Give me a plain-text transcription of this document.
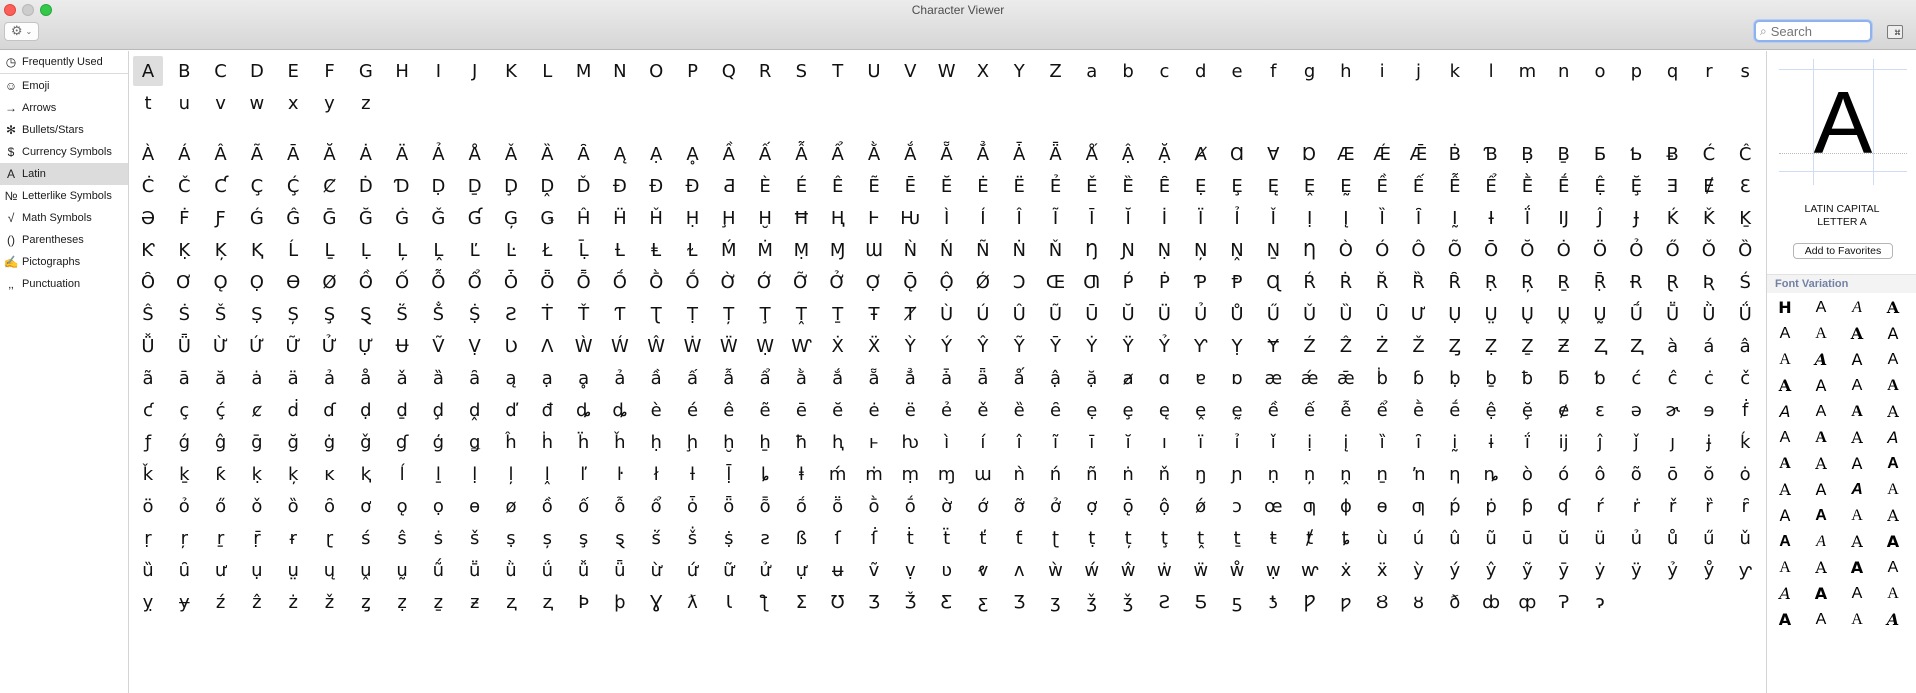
Character Viewer
⚙ ⌄	⌕
Search	⌘
◷ Frequently Used
☺ Emoji
→ Arrows
✻ Bullets/Stars
$ Currency Symbols
A Latin
№ Letterlike Symbols
√ Math Symbols
() Parentheses
✍ Pictographs
‚‚ Punctuation
A	B	C	D	E	F	G	H	I	J	K	L	M	N	O	P	Q	R	S	T	U	V	W	X	Y	Z	a	b	c	d	e	f	g	h	i	j	k	l	m	n	o	p	q	r	s
t	u	v	w	x	y	z
À	Á	Â	Ã	Ā	Ă	Ȧ	Ä	Ả	Å	Ǎ	Ȁ	Ȃ	Ą	Ạ	Ḁ	Ầ	Ấ	Ẫ	Ẩ	Ằ	Ắ	Ẵ	Ẳ	Ǡ	Ǟ	Ǻ	Ậ	Ặ	Ⱥ	Ɑ	Ɐ	Ɒ	Æ	Ǽ	Ǣ	Ḃ	Ɓ	Ḅ	Ḇ	Ƃ	Ƅ	Ƀ	Ć	Ĉ
Ċ	Č	Ƈ	Ç	Ḉ	Ȼ	Ḋ	Ɗ	Ḍ	Ḏ	Ḑ	Ḓ	Ď	Đ	Ɖ	Ð	Ƌ	È	É	Ê	Ẽ	Ē	Ĕ	Ė	Ë	Ẻ	Ě	Ȅ	Ȇ	Ẹ	Ȩ	Ę	Ḙ	Ḛ	Ề	Ế	Ễ	Ể	Ḕ	Ḗ	Ệ	Ḝ	Ǝ	Ɇ	Ɛ
Ə	Ḟ	Ƒ	Ǵ	Ĝ	Ḡ	Ğ	Ġ	Ǧ	Ɠ	Ģ	Ǥ	Ĥ	Ḧ	Ȟ	Ḥ	Ḩ	Ḫ	Ħ	Ⱨ	Ⱶ	Ƕ	Ì	Í	Î	Ĩ	Ī	Ĭ	İ	Ï	Ỉ	Ǐ	Ị	Į	Ȉ	Ȋ	Ḭ	Ɨ	Ḯ	Ĳ	Ĵ	Ɉ	Ḱ	Ǩ	Ḵ
Ƙ	Ḳ	Ķ	Ⱪ	Ĺ	Ḻ	Ḷ	Ļ	Ḽ	Ľ	Ŀ	Ł	Ḹ	Ƚ	Ⱡ	Ɫ	Ḿ	Ṁ	Ṃ	Ɱ	Ɯ	Ǹ	Ń	Ñ	Ṅ	Ň	Ŋ	Ɲ	Ṇ	Ņ	Ṋ	Ṉ	Ƞ	Ò	Ó	Ô	Õ	Ō	Ŏ	Ȯ	Ö	Ỏ	Ő	Ǒ	Ȍ
Ȏ	Ơ	Ǫ	Ọ	Ɵ	Ø	Ồ	Ố	Ỗ	Ổ	Ȱ	Ȫ	Ȭ	Ṍ	Ṑ	Ṓ	Ờ	Ớ	Ỡ	Ở	Ợ	Ǭ	Ộ	Ǿ	Ɔ	Œ	Ƣ	Ṕ	Ṗ	Ƥ	Ᵽ	Ɋ	Ŕ	Ṙ	Ř	Ȑ	Ȓ	Ṛ	Ŗ	Ṟ	Ṝ	Ɍ	Ɽ	Ʀ	Ś
Ŝ	Ṡ	Š	Ṣ	Ș	Ş	Ȿ	Ṥ	Ṧ	Ṩ	Ƨ	Ṫ	Ť	Ƭ	Ʈ	Ṭ	Ț	Ţ	Ṱ	Ṯ	Ŧ	Ⱦ	Ù	Ú	Û	Ũ	Ū	Ŭ	Ü	Ủ	Ů	Ű	Ǔ	Ȕ	Ȗ	Ư	Ụ	Ṳ	Ų	Ṷ	Ṵ	Ṹ	Ṻ	Ǜ	Ǘ
Ǚ	Ǖ	Ừ	Ứ	Ữ	Ử	Ự	Ʉ	Ṽ	Ṿ	Ʋ	Ʌ	Ẁ	Ẃ	Ŵ	Ẇ	Ẅ	Ẉ Ⱳ	Ẋ	Ẍ	Ỳ	Ý	Ŷ	Ỹ	Ȳ	Ẏ	Ÿ	Ỷ	Ƴ	Ỵ	Ɏ	Ź	Ẑ	Ż	Ž	Ȥ	Ẓ	Ẕ	Ƶ	Ⱬ	Ⱬ	à	á	â
ã	ā	ă	ȧ	ä	ả	å	ǎ	ȁ	ȃ	ą	ạ	ḁ	ả	ầ	ấ	ẫ	ẩ	ằ	ắ	ẵ	ẳ	ǡ	ǟ	ǻ	ậ	ặ	ⱥ	ɑ	ɐ	ɒ	æ	ǽ	ǣ	ḃ	ɓ	ḅ	ḇ	ƀ	ƃ	ƅ	ć	ĉ	ċ	č
ƈ	ç	ḉ	ȼ	ḋ	ɗ	ḍ	ḏ	ḑ	ḓ	ď	đ	ȡ	ȡ	è	é	ê	ẽ	ē	ĕ	ė	ë	ẻ	ě	ȅ	ȇ	ẹ	ȩ	ę	ḙ	ḛ	ề	ế	ễ	ể	ḕ	ḗ	ệ	ḝ	ɇ	ɛ	ə	ɚ	ɘ	ḟ
ƒ	ǵ	ĝ	ḡ	ğ	ġ	ǧ	ɠ	ģ	ǥ	ĥ	ḣ	ḧ	ȟ	ḥ	ḩ	ḫ	ẖ	ħ	ⱨ	ⱶ	ƕ	ì	í	î	ĩ	ī	ĭ	ı	ï	ỉ	ǐ	ị	į	ȉ	ȋ	ḭ	ɨ	ḯ	ĳ	ĵ	ǰ	ȷ	ɉ	ḱ
ǩ	ḵ	ƙ	ḳ	ķ	ĸ	ⱪ	ĺ	ḻ	ḷ	ļ	ḽ	ľ	ŀ	ł	ƚ	ḹ	ȴ	ⱡ	ḿ	ṁ	ṃ	ɱ	ɯ	ǹ	ń	ñ	ṅ	ň	ŋ	ɲ	ṇ	ņ	ṋ	ṉ	ŉ	ƞ	ȵ	ò	ó	ô	õ	ō	ŏ	ȯ
ö	ỏ	ő	ǒ	ȍ	ȏ	ơ	ǫ	ọ	ɵ	ø	ồ	ố	ỗ	ổ	ȱ	ȫ	ȭ	ṍ	ṏ	ṑ	ṓ	ờ	ớ	ỡ	ở	ợ	ǭ	ộ	ǿ	ɔ	œ	ƣ	ɸ	ɵ	ƣ	ṕ	ṗ	ƥ	ʠ	ŕ	ṙ	ř	ȑ	ȓ
ṛ	ŗ	ṟ	ṝ	ɍ	ɽ	ś	ŝ	ṡ	š	ṣ	ș	ş	ȿ	ṥ	ṧ	ṩ	ƨ	ß	ſ	ẛ	ṫ	ẗ	ť	ƭ	ʈ	ṭ	ț	ţ	ṱ	ṯ	ŧ	ⱦ	ȶ	ù	ú	û	ũ	ū	ŭ	ü	ủ	ů	ű	ǔ
ȕ	ȗ	ư	ụ	ṳ	ų	ṷ	ṵ	ṹ	ṻ	ǜ	ǘ	ǚ	ǖ	ừ	ứ	ữ	ử	ự	ʉ	ṽ	ṿ	ʋ	ⱴ	ʌ	ẁ	ẃ	ŵ	ẇ	ẅ	ẘ	ẉ	ⱳ	ẋ	ẍ	ỳ	ý	ŷ	ỹ	ȳ	ẏ	ÿ	ỷ	ẙ	ƴ
ỵ	ɏ	ź	ẑ	ż	ž	ȥ	ẓ	ẕ	ƶ	ⱬ	ⱬ	Þ	þ	Ɣ	ƛ	Ɩ	ƪ	Ʃ	Ʊ	Ʒ	Ǯ	Ƹ	ƹ	Ʒ	ʒ	ǯ	ǯ	Ƨ	Ƽ	ƽ	ƾ	Ƿ	ƿ	Ȣ	ȣ	ð	ȸ	ȹ	Ɂ	ɂ
A
LATIN CAPITAL
LETTER A
Add to Favorites
Font Variation
H	A	A	A
A	A	A	A
A	A	A	A
A	A	A	A
A	A	A	A
A	A	A	A
A	A	A	A
A	A	A	A
A	A	A	A
A	A	A	A
A	A	A	A
A	A	A	A
A	A	A	A
